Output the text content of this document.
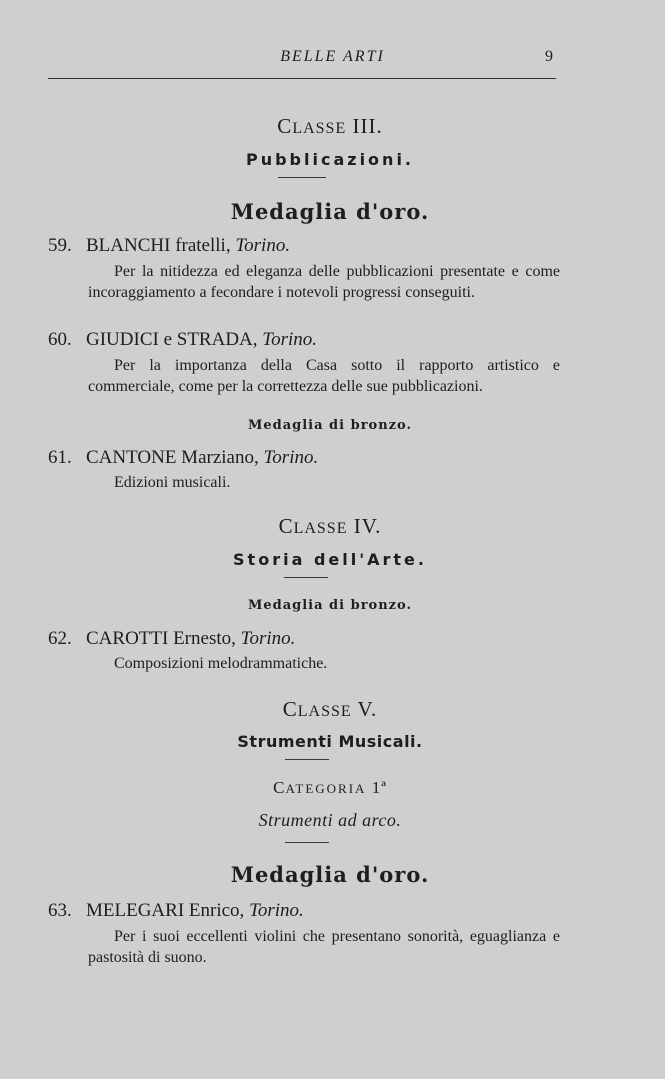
BELLE ARTI	9
CLASSE III.
Pubblicazioni.
Medaglia d'oro.
59. BLANCHI fratelli, Torino.
Per la nitidezza ed eleganza delle pubblicazioni presentate e come incoraggiamento a fecondare i notevoli progressi conseguiti.
60. GIUDICI e STRADA, Torino.
Per la importanza della Casa sotto il rapporto artistico e commerciale, come per la correttezza delle sue pubblicazioni.
Medaglia di bronzo.
61. CANTONE Marziano, Torino.
Edizioni musicali.
CLASSE IV.
Storia dell'Arte.
Medaglia di bronzo.
62. CAROTTI Ernesto, Torino.
Composizioni melodrammatiche.
CLASSE V.
Strumenti Musicali.
CATEGORIA 1ª
Strumenti ad arco.
Medaglia d'oro.
63. MELEGARI Enrico, Torino.
Per i suoi eccellenti violini che presentano sonorità, eguaglianza e pastosità di suono.
